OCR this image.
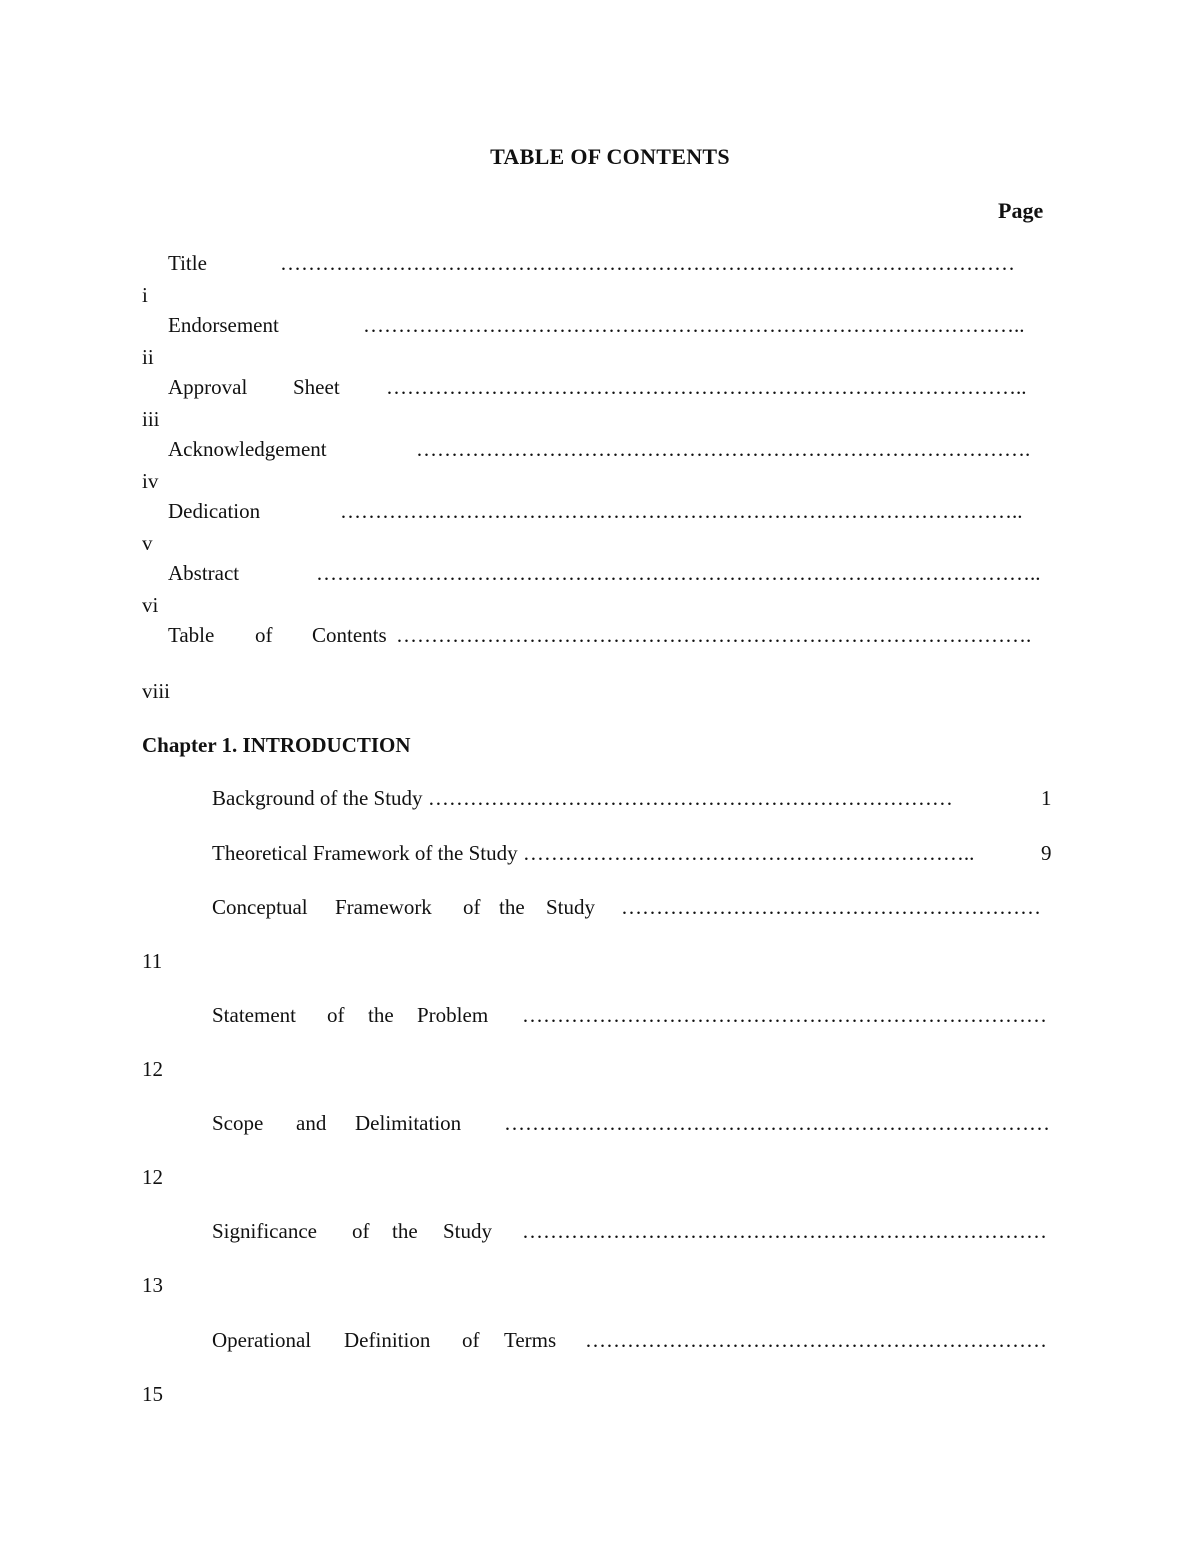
TABLE OF CONTENTS
Page
Title	……………………………………………………………………………………………
i
Endorsement	…………………………………………………………………………………..
ii
Approval Sheet ………………………………………………………………………………..
iii
Acknowledgement	…………………………………………………………………………….
iv
Dedication	……………………………………………………………………………………..
v
Abstract	…………………………………………………………………………………………..
vi
Table of Contents ……………………………………………………………………………….
viii
Chapter 1. INTRODUCTION
Background of the Study …………………………………………………………………	1
Theoretical Framework of the Study ………………………………………………………..	9
Conceptual Framework of the Study ……………………………………………………
11
Statement of the Problem …………………………………………………………………
12
Scope and Delimitation ……………………………………………………………………
12
Significance of the Study …………………………………………………………………
13
Operational Definition of Terms …………………………………………………………
15
